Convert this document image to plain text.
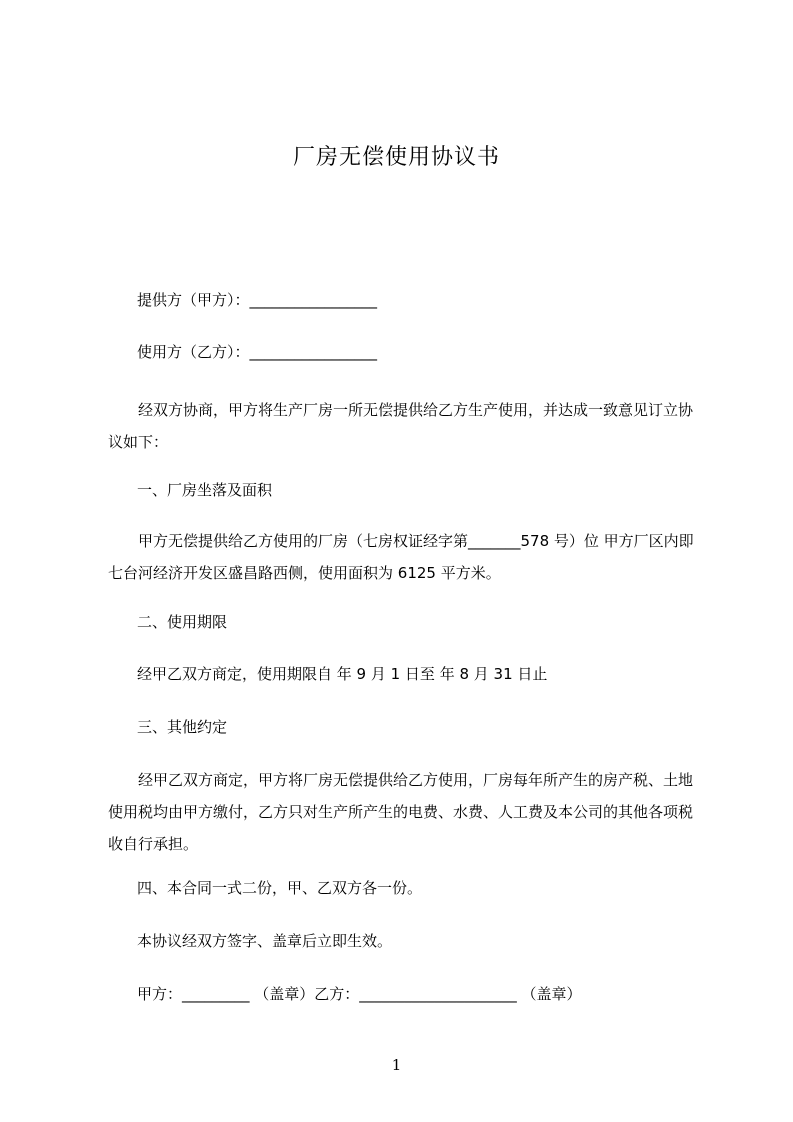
厂房无偿使用协议书

提供方（甲方）：_________________

使用方（乙方）：_________________

经双方协商，甲方将生产厂房一所无偿提供给乙方生产使用，并达成一致意见订立协议如下：

一、厂房坐落及面积

甲方无偿提供给乙方使用的厂房（七房权证经字第_______578 号）位 甲方厂区内即七台河经济开发区盛昌路西侧，使用面积为 6125 平方米。

二、使用期限

经甲乙双方商定，使用期限自 年 9 月 1 日至 年 8 月 31 日止

三、其他约定

经甲乙双方商定，甲方将厂房无偿提供给乙方使用，厂房每年所产生的房产税、土地使用税均由甲方缴付，乙方只对生产所产生的电费、水费、人工费及本公司的其他各项税收自行承担。

四、本合同一式二份，甲、乙双方各一份。

本协议经双方签字、盖章后立即生效。

甲方：_________ （盖章）乙方：_____________________ （盖章）

1
